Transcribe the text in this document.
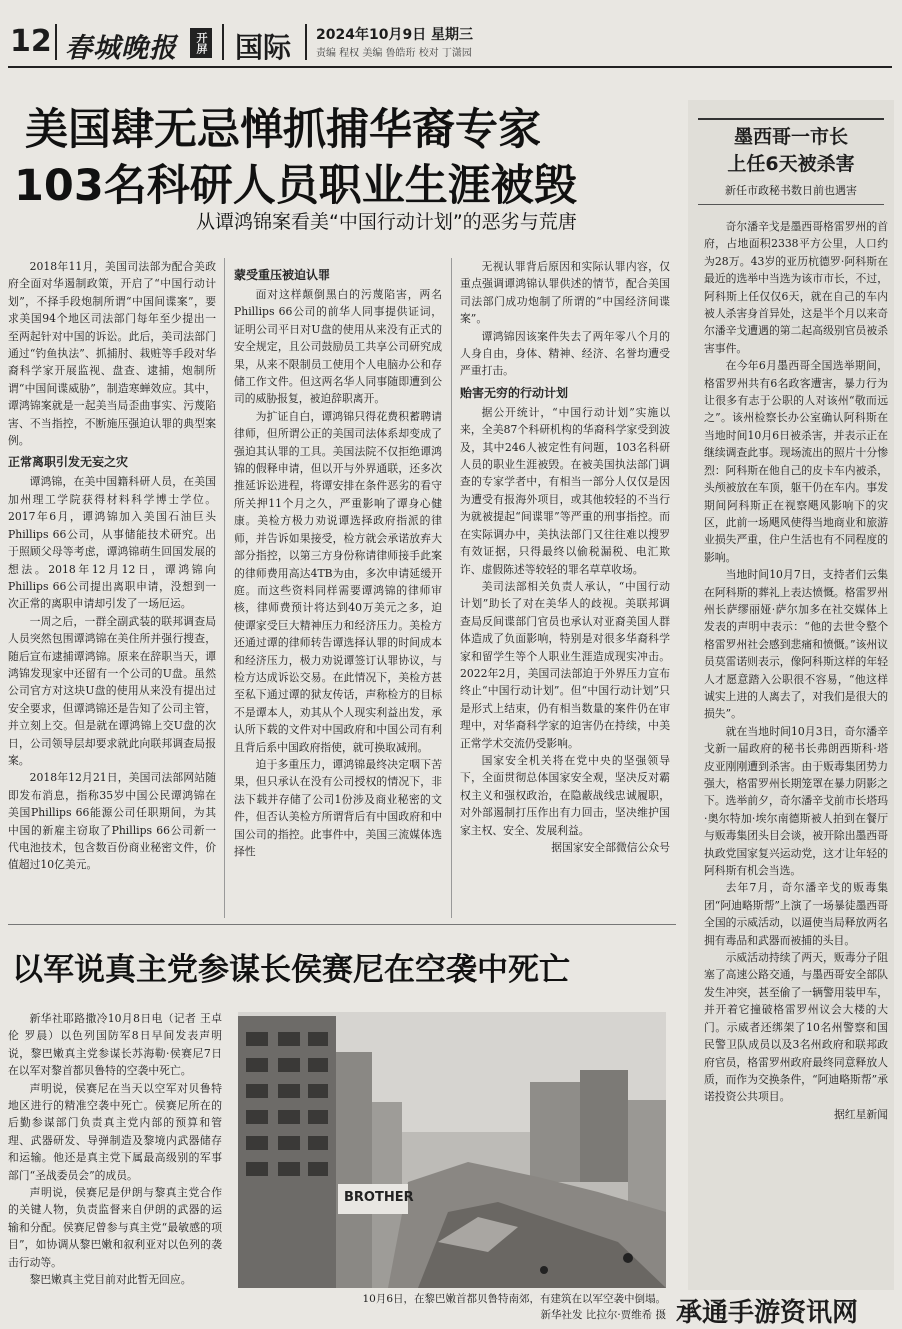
12 春城晚报	开屏 国际 2024年10月9日 星期三
责编 程权 美编 鲁皓珩 校对 丁潇园
美国肆无忌惮抓捕华裔专家
103名科研人员职业生涯被毁
从谭鸿锦案看美“中国行动计划”的恶劣与荒唐

2018年11月，美国司法部为配合美政府全面对华遏制政策，开启了“中国行动计划”，不择手段炮制所谓“中国间谍案”，要求美国94个地区司法部门每年至少提出一至两起针对中国的诉讼。此后，美司法部门通过“钓鱼执法”、抓捕肘、栽赃等手段对华裔科学家开展监视、盘查、逮捕，炮制所谓“中国间谍威胁”，制造寒蝉效应。其中，谭鸿锦案就是一起美当局歪曲事实、污蔑陷害、不当指控，不断施压强迫认罪的典型案例。

正常离职引发无妄之灾

谭鸿锦，在美中国籍科研人员，在美国加州理工学院获得材料科学博士学位。2017年6月，谭鸿锦加入美国石油巨头Phillips 66公司，从事储能技术研究。出于照顾父母等考虑，谭鸿锦萌生回国发展的想法。2018年12月12日，谭鸿锦向Phillips 66公司提出离职申请，没想到一次正常的离职申请却引发了一场厄运。

一周之后，一群全副武装的联邦调查局人员突然包围谭鸿锦在美住所并强行搜查，随后宣布逮捕谭鸿锦。原来在辞职当天，谭鸿锦发现家中还留有一个公司的U盘。虽然公司官方对这块U盘的使用从来没有提出过安全要求，但谭鸿锦还是告知了公司主管，并立刻上交。但是就在谭鸿锦上交U盘的次日，公司领导层却要求就此向联邦调查局报案。

2018年12月21日，美国司法部网站随即发布消息，指称35岁中国公民谭鸿锦在美国Phillips 66能源公司任职期间，为其中国的新雇主窃取了Phillips 66公司新一代电池技术，包含数百份商业秘密文件，价值超过10亿美元。

蒙受重压被迫认罪

面对这样颠倒黑白的污蔑陷害，两名Phillips 66公司的前华人同事提供证词，证明公司平日对U盘的使用从来没有正式的安全规定，且公司鼓励员工共享公司研究成果，从来不限制员工使用个人电脑办公和存储工作文件。但这两名华人同事随即遭到公司的威胁报复，被迫辞职离开。

为扩证自白，谭鸿锦只得花费积蓄聘请律师，但所谓公正的美国司法体系却变成了强迫其认罪的工具。美国法院不仅拒绝谭鸿锦的假释申请，但以开与外界通联，还多次推延诉讼进程，将谭安排在条件恶劣的看守所关押11个月之久，严重影响了谭身心健康。美检方极力劝说谭选择政府指派的律师，并告诉如果接受，检方就会承诺放弃大部分指控，以第三方身份称请律师接手此案的律师费用高达4TB为由，多次申请延缓开庭。而这些资料同样需要谭鸿锦的律师审核，律师费预计将达到40万美元之多，迫使谭家受巨大精神压力和经济压力。美检方还通过谭的律师转告谭选择认罪的时间成本和经济压力，极力劝说谭签订认罪协议，与检方达成诉讼交易。在此情况下，美检方甚至私下通过谭的狱友传话，声称检方的目标不是谭本人，劝其从个人现实利益出发，承认所下载的文件对中国政府和中国公司有利且背后系中国政府指使，就可换取减刑。

迫于多重压力，谭鸿锦最终决定咽下苦果，但只承认在没有公司授权的情况下，非法下载并存储了公司1份涉及商业秘密的文件，但否认美检方所谓背后有中国政府和中国公司的指控。此事件中，美国三流媒体选择性

无视认罪背后原因和实际认罪内容，仅重点强调谭鸿锦认罪供述的情节，配合美国司法部门成功炮制了所谓的“中国经济间谍案”。

谭鸿锦因该案件失去了两年零八个月的人身自由，身体、精神、经济、名誉均遭受严重打击。

贻害无穷的行动计划

据公开统计，“中国行动计划”实施以来，全美87个科研机构的华裔科学家受到波及，其中246人被定性有问题，103名科研人员的职业生涯被毁。在被美国执法部门调查的专家学者中，有相当一部分人仅仅是因为遭受有报海外项目，或其他较轻的不当行为就被提起“间谍罪”等严重的刑事指控。而在实际调办中，美执法部门又往往难以搜罗有效证据，只得最终以偷税漏税、电汇欺诈、虚假陈述等较轻的罪名草草收场。

美司法部相关负责人承认，“中国行动计划”助长了对在美华人的歧视。美联邦调查局反间谍部门官员也承认对亚裔美国人群体造成了负面影响，特别是对很多华裔科学家和留学生等个人职业生涯造成现实冲击。2022年2月，美国司法部迫于外界压力宣布终止“中国行动计划”。但“中国行动计划”只是形式上结束，仍有相当数量的案件仍在审理中，对华裔科学家的迫害仍在持续，中美正常学术交流仍受影响。

国家安全机关将在党中央的坚强领导下，全面贯彻总体国家安全观，坚决反对霸权主义和强权政治，在隐蔽战线忠诚履职，对外部遏制打压作出有力回击，坚决维护国家主权、安全、发展利益。

据国家安全部微信公众号

以军说真主党参谋长侯赛尼在空袭中死亡

新华社耶路撒冷10月8日电（记者 王卓伦 罗晨）以色列国防军8日早间发表声明说，黎巴嫩真主党参谋长苏海勒·侯赛尼7日在以军对黎首都贝鲁特的空袭中死亡。

声明说，侯赛尼在当天以空军对贝鲁特地区进行的精准空袭中死亡。侯赛尼所在的后勤参谋部门负责真主党内部的预算和管理、武器研发、导弹制造及黎境内武器储存和运输。他还是真主党下属最高级别的军事部门“圣战委员会”的成员。

声明说，侯赛尼是伊朗与黎真主党合作的关键人物，负责监督来自伊朗的武器的运输和分配。侯赛尼曾参与真主党“最敏感的项目”，如协调从黎巴嫩和叙利亚对以色列的袭击行动等。

黎巴嫩真主党目前对此暂无回应。

BROTHER
10月6日，在黎巴嫩首都贝鲁特南郊，有建筑在以军空袭中倒塌。
新华社发 比拉尔·贾维希 摄
墨西哥一市长
上任6天被杀害
新任市政秘书数日前也遇害

奇尔潘辛戈是墨西哥格雷罗州的首府，占地面积2338平方公里，人口约为28万。43岁的亚历杭德罗·阿科斯在最近的选举中当选为该市市长，不过，阿科斯上任仅仅6天，就在自己的车内被人杀害身首异处，这是半个月以来奇尔潘辛戈遭遇的第二起高级别官员被杀害事件。

在今年6月墨西哥全国选举期间，格雷罗州共有6名政客遭害，暴力行为让很多有志于公职的人对该州“敬而远之”。该州检察长办公室确认阿科斯在当地时间10月6日被杀害，并表示正在继续调查此事。现场流出的照片十分惨烈：阿科斯在他自己的皮卡车内被杀，头颅被放在车顶，躯干仍在车内。事发期间阿科斯正在视察飓风影响下的灾区，此前一场飓风使得当地商业和旅游业损失严重，住户生活也有不同程度的影响。

当地时间10月7日，支持者们云集在阿科斯的葬礼上表达愤慨。格雷罗州州长萨缪丽娅·萨尔加多在社交媒体上发表的声明中表示：“他的去世令整个格雷罗州社会感到悲痛和愤慨。”该州议员莫雷诺则表示，像阿科斯这样的年轻人才愿意踏入公职很不容易，“他这样诚实上进的人离去了，对我们是很大的损失”。

就在当地时间10月3日，奇尔潘辛戈新一届政府的秘书长弗朗西斯科·塔皮亚刚刚遭到杀害。由于贩毒集团势力强大，格雷罗州长期笼罩在暴力阴影之下。选举前夕，奇尔潘辛戈前市长塔玛·奥尔特加·埃尔南德斯被人拍到在餐厅与贩毒集团头目会谈，被开除出墨西哥执政党国家复兴运动党，这才让年轻的阿科斯有机会当选。

去年7月，奇尔潘辛戈的贩毒集团“阿迪略斯帮”上演了一场暴徒墨西哥全国的示威活动，以逼使当局释放两名拥有毒品和武器而被捕的头目。

示威活动持续了两天，贩毒分子阻塞了高速公路交通，与墨西哥安全部队发生冲突，甚至偷了一辆警用装甲车，并开着它撞破格雷罗州议会大楼的大门。示威者还绑架了10名州警察和国民警卫队成员以及3名州政府和联邦政府官员，格雷罗州政府最终同意释放人质，而作为交换条件，“阿迪略斯帮”承诺投资公共项目。

据红星新闻

承通手游资讯网
